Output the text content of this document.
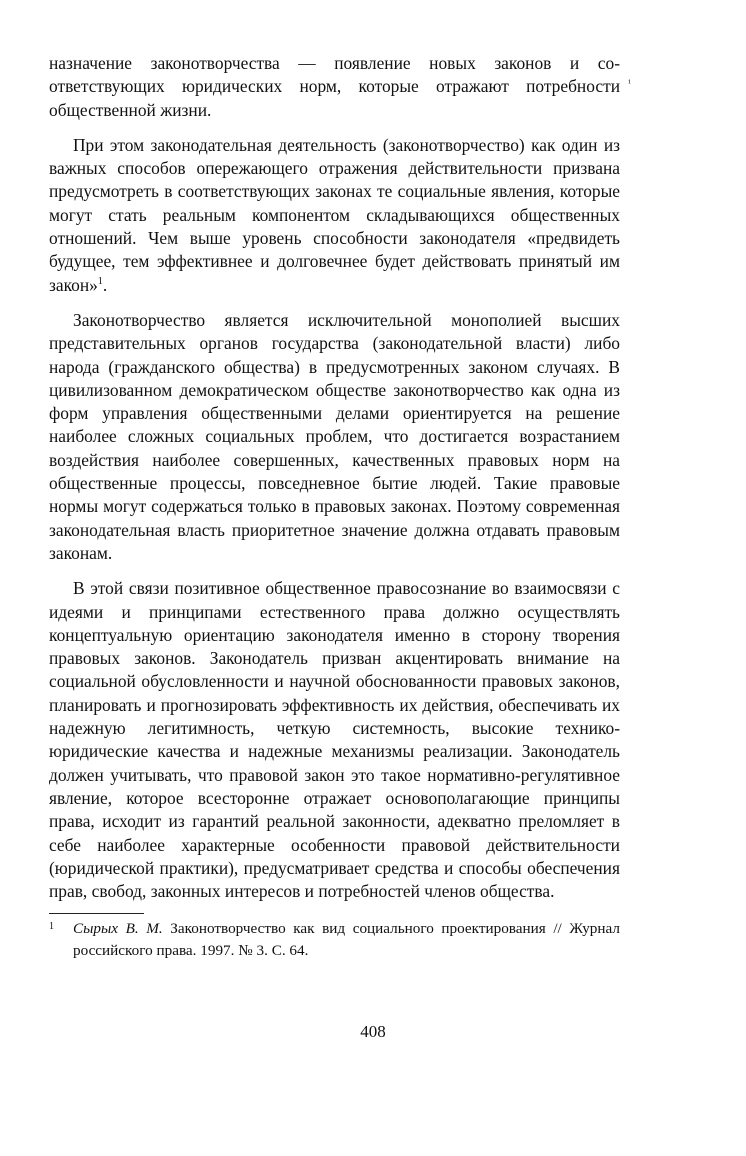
назначение законотворчества — появление новых законов и соответствующих юридических норм, которые отражают потребности общественной жизни.

При этом законодательная деятельность (законотворчество) как один из важных способов опережающего отражения действительности призвана предусмотреть в соответствующих законах те социальные явления, которые могут стать реальным компонентом складывающихся общественных отношений. Чем выше уровень способности законодателя «предвидеть будущее, тем эффективнее и долговечнее будет действовать принятый им закон»$^1$.

Законотворчество является исключительной монополией высших представительных органов государства (законодательной власти) либо народа (гражданского общества) в предусмотренных законом случаях. В цивилизованном демократическом обществе законотворчество как одна из форм управления общественными делами ориентируется на решение наиболее сложных социальных проблем, что достигается возрастанием воздействия наиболее совершенных, качественных правовых норм на общественные процессы, повседневное бытие людей. Такие правовые нормы могут содержаться только в правовых законах. Поэтому современная законодательная власть приоритетное значение должна отдавать правовым законам.

В этой связи позитивное общественное правосознание во взаимосвязи с идеями и принципами естественного права должно осуществлять концептуальную ориентацию законодателя именно в сторону творения правовых законов. Законодатель призван акцентировать внимание на социальной обусловленности и научной обоснованности правовых законов, планировать и прогнозировать эффективность их действия, обеспечивать их надежную легитимность, четкую системность, высокие технико-юридические качества и надежные механизмы реализации. Законодатель должен учитывать, что правовой закон это такое нормативно-регулятивное явление, которое всесторонне отражает основополагающие принципы права, исходит из гарантий реальной законности, адекватно преломляет в себе наиболее характерные особенности правовой действительности (юридической практики), предусматривает средства и способы обеспечения прав, свобод, законных интересов и потребностей членов общества.

1 Сырых В. М. Законотворчество как вид социального проектирования // Журнал российского права. 1997. № 3. С. 64.

¹
408
